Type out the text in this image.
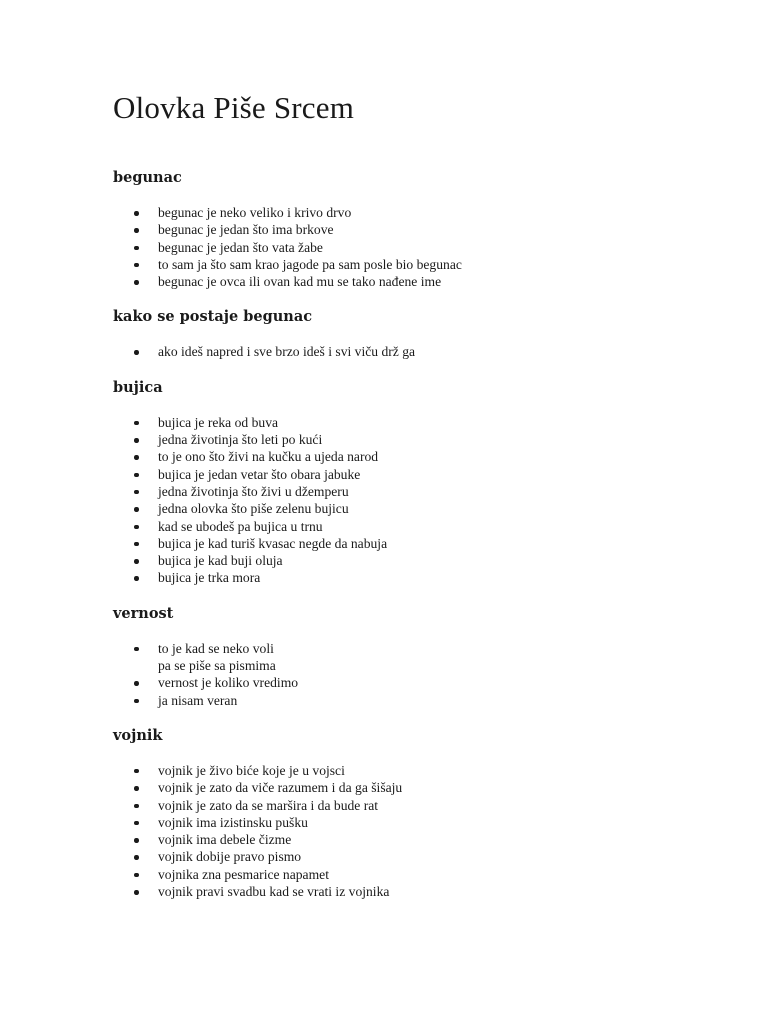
Olovka Piše Srcem
begunac
begunac je neko veliko i krivo drvo
begunac je jedan što ima brkove
begunac je jedan što vata žabe
to sam ja što sam krao jagode pa sam posle bio begunac
begunac je ovca ili ovan kad mu se tako nađene ime
kako se postaje begunac
ako ideš napred i sve brzo ideš i svi viču drž ga
bujica
bujica je reka od buva
jedna životinja što leti po kući
to je ono što živi na kučku a ujeda narod
bujica je jedan vetar što obara jabuke
jedna životinja što živi u džemperu
jedna olovka što piše zelenu bujicu
kad se ubodeš pa bujica u trnu
bujica je kad turiš kvasac negde da nabuja
bujica je kad buji oluja
bujica je trka mora
vernost
to je kad se neko voli
pa se piše sa pismima
vernost je koliko vredimo
ja nisam veran
vojnik
vojnik je živo biće koje je u vojsci
vojnik je zato da viče razumem i da ga šišaju
vojnik je zato da se maršira i da bude rat
vojnik ima izistinsku pušku
vojnik ima debele čizme
vojnik dobije pravo pismo
vojnika zna pesmarice napamet
vojnik pravi svadbu kad se vrati iz vojnika
